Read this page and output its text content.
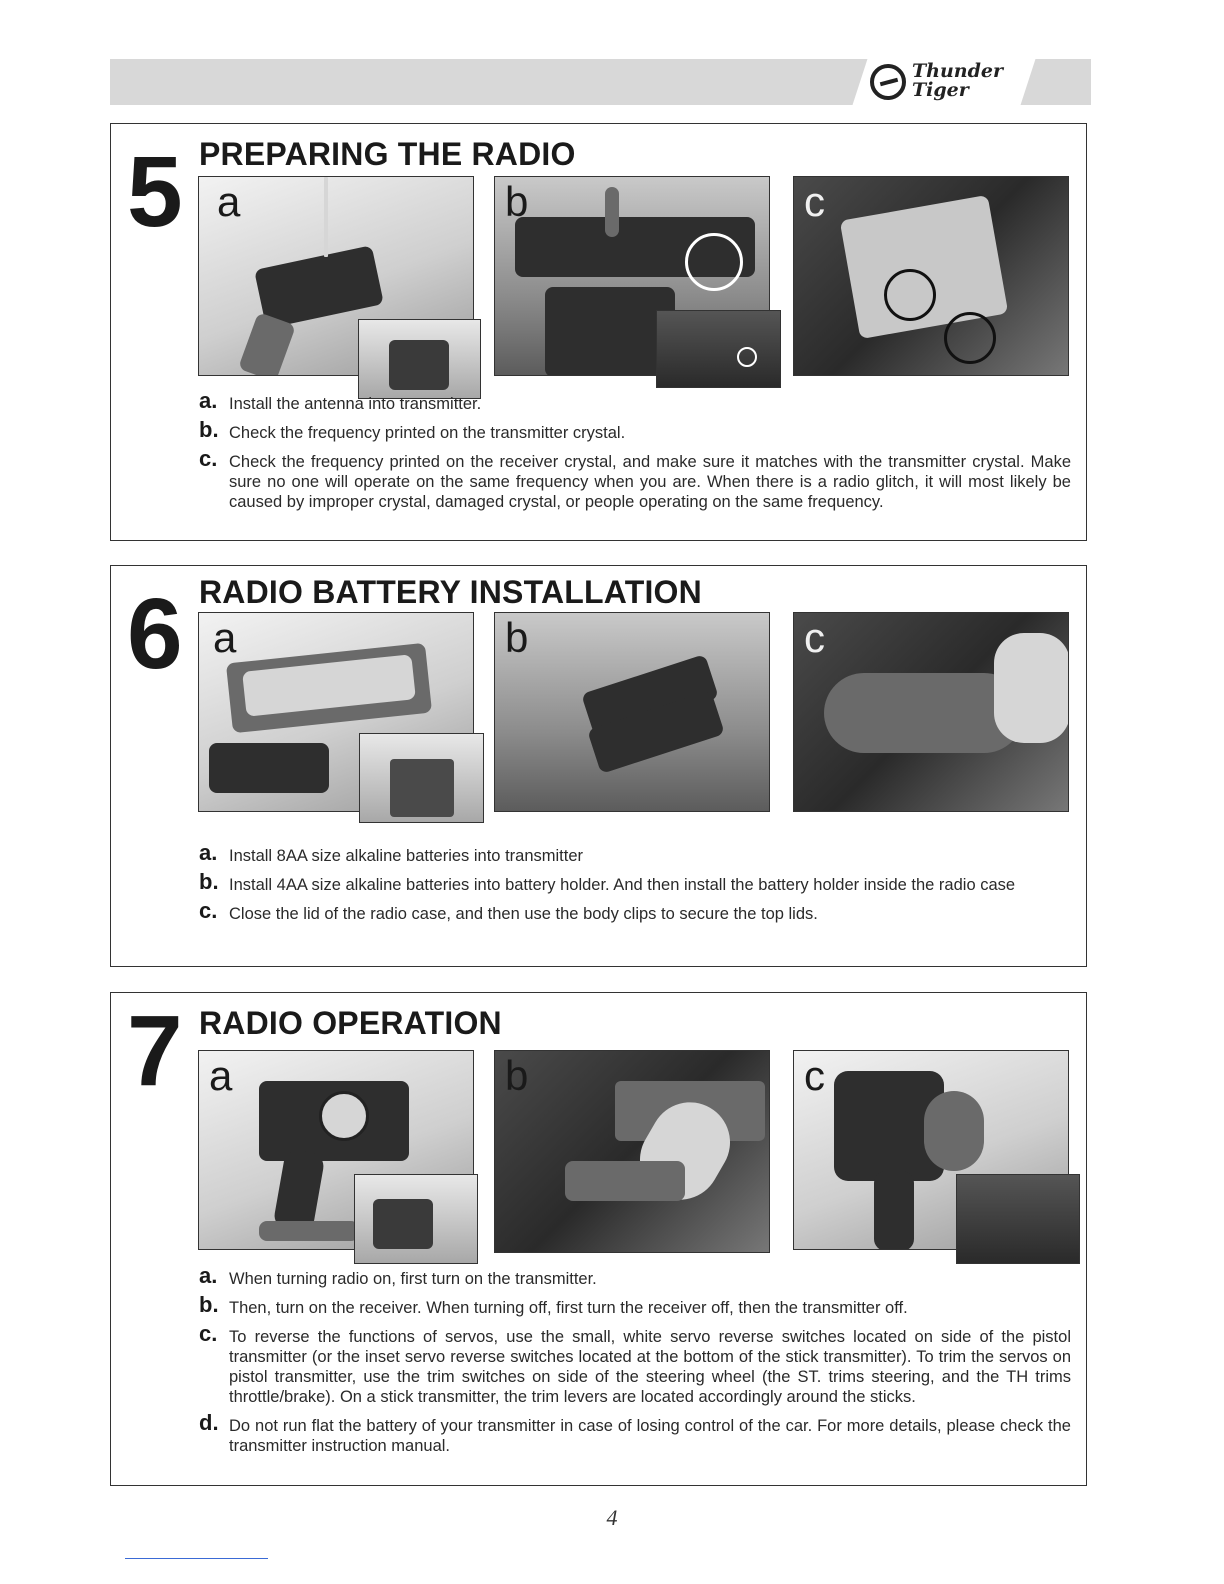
Thunder
Tiger
5 PREPARING THE RADIO
a	b	c
a. Install the antenna into transmitter.
b. Check the frequency printed on the transmitter crystal.
c. Check the frequency printed on the receiver crystal, and make sure it matches with the transmitter crystal. Make sure no one will operate on the same frequency when you are. When there is a radio glitch, it will most likely be caused by improper crystal, damaged crystal, or people operating on the same frequency.
6 RADIO BATTERY INSTALLATION
a	b	c
a. Install 8AA size alkaline batteries into transmitter
b. Install 4AA size alkaline batteries into battery holder. And then install the battery holder inside the radio case
c. Close the lid of the radio case, and then use the body clips to secure the top lids.
7 RADIO OPERATION
a	b	c
a. When turning radio on, first turn on the transmitter.
b. Then, turn on the receiver. When turning off, first turn the receiver off, then the transmitter off.
c. To reverse the functions of servos, use the small, white servo reverse switches located on side of the pistol transmitter (or the inset servo reverse switches located at the bottom of the stick transmitter). To trim the servos on pistol transmitter, use the trim switches on side of the steering wheel (the ST. trims steering, and the TH trims throttle/brake). On a stick transmitter, the trim levers are located accordingly around the sticks.
d. Do not run flat the battery of your transmitter in case of losing control of the car. For more details, please check the transmitter instruction manual.
4
